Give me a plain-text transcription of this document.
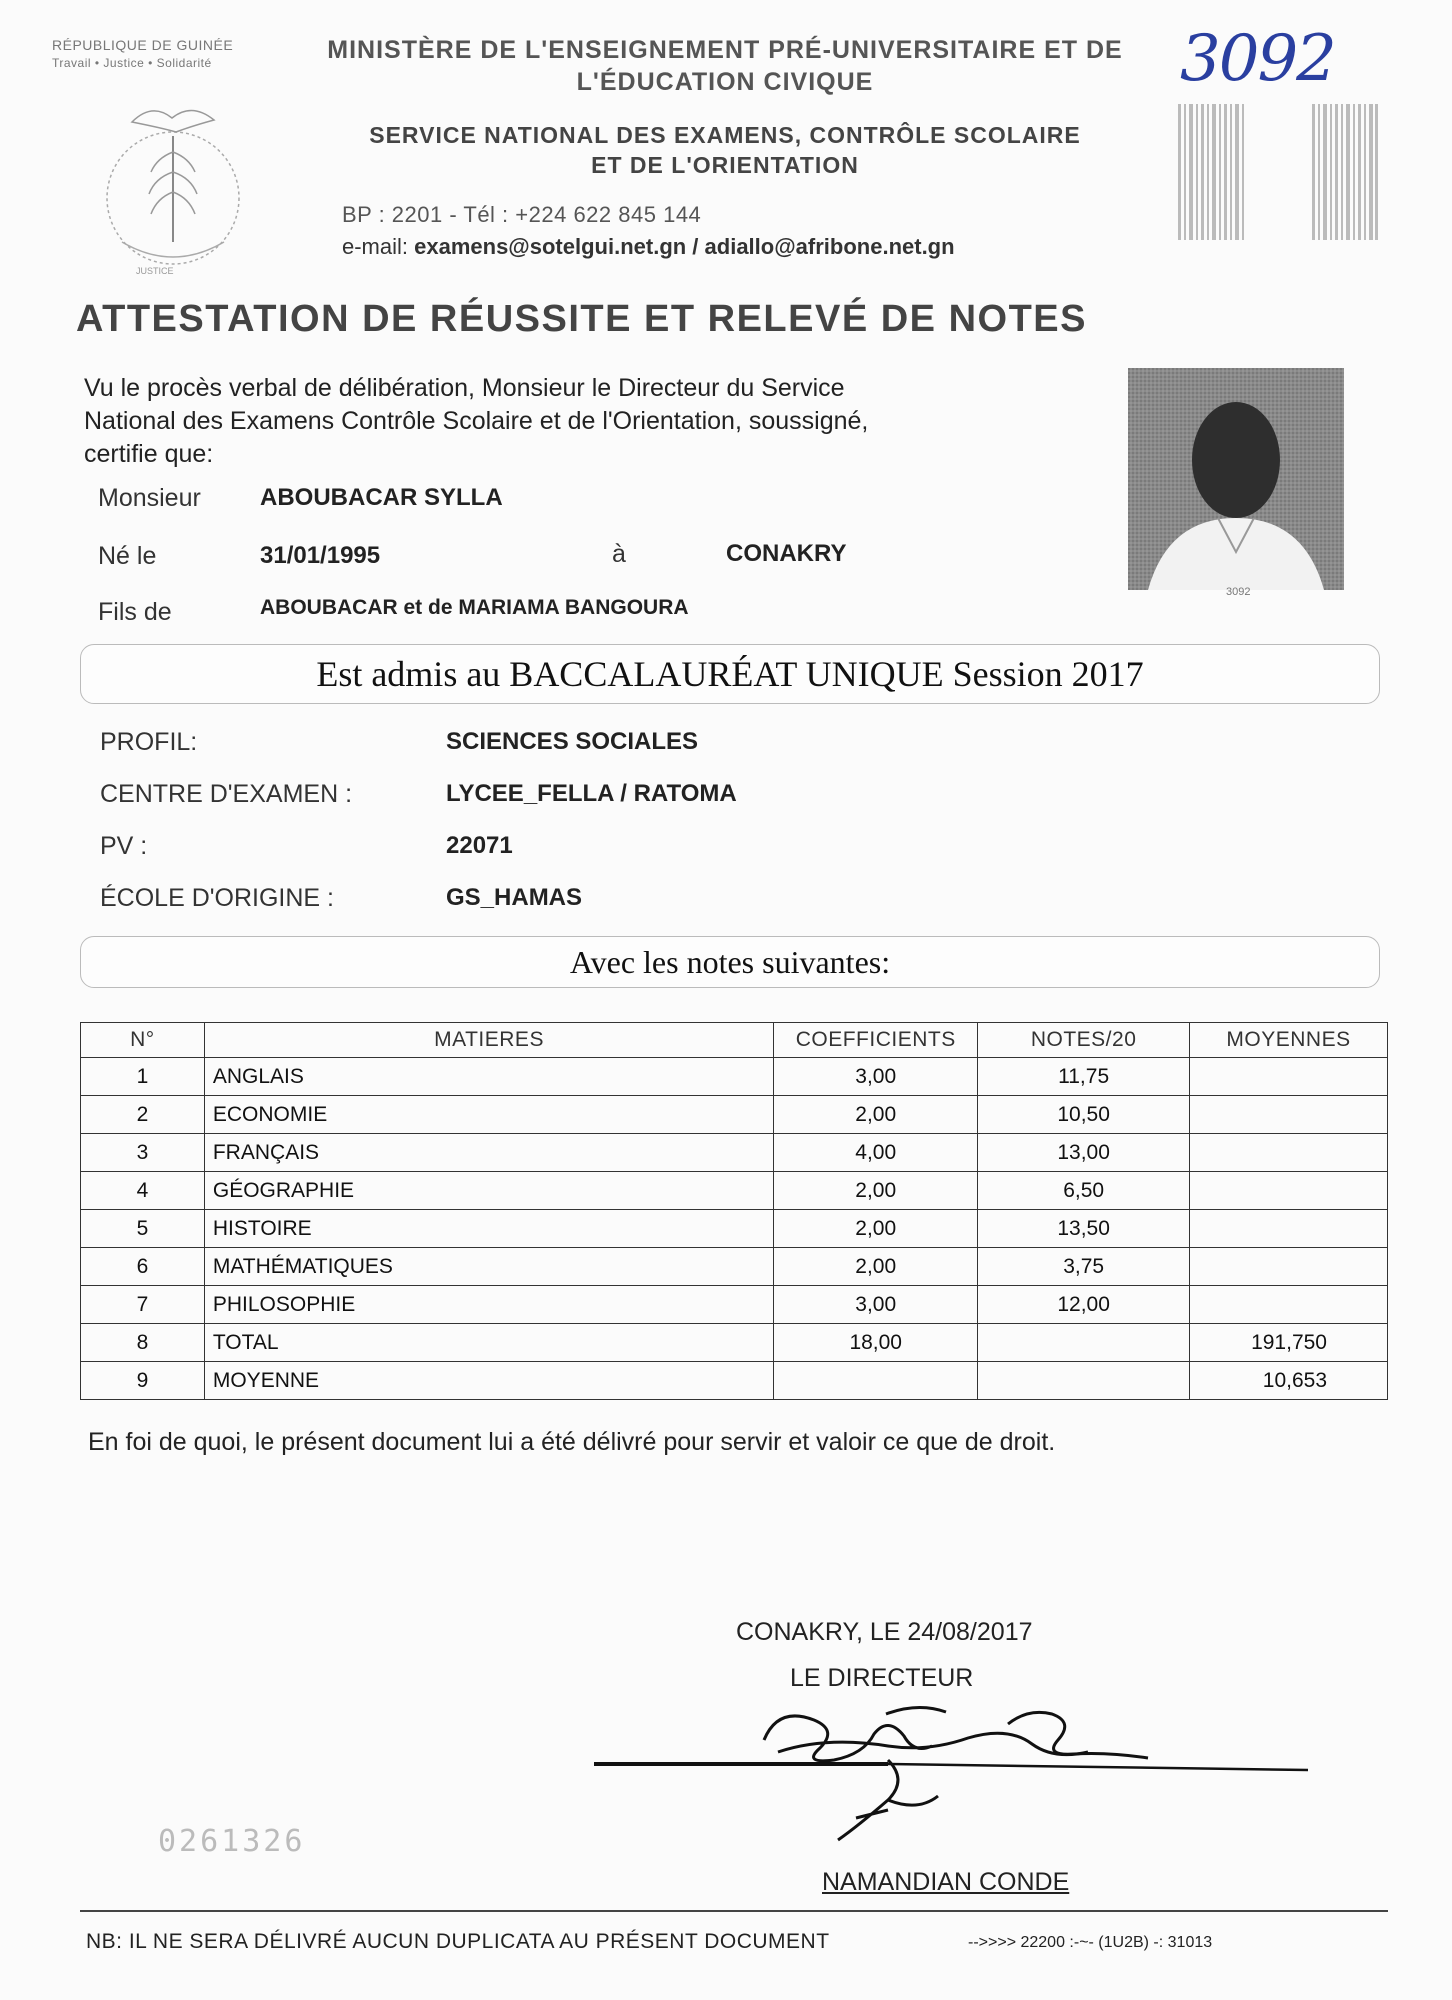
RÉPUBLIQUE DE GUINÉE
Travail • Justice • Solidarité
JUSTICE
MINISTÈRE DE L'ENSEIGNEMENT PRÉ-UNIVERSITAIRE ET DE
L'ÉDUCATION CIVIQUE
SERVICE NATIONAL DES EXAMENS, CONTRÔLE SCOLAIRE
ET DE L'ORIENTATION
BP : 2201 - Tél : +224 622 845 144
e-mail: examens@sotelgui.net.gn / adiallo@afribone.net.gn
3092
ATTESTATION DE RÉUSSITE ET RELEVÉ DE NOTES
Vu le procès verbal de délibération, Monsieur le Directeur du Service
National des Examens Contrôle Scolaire et de l'Orientation, soussigné,
certifie que:
3092
Monsieur ABOUBACAR SYLLA
Né le	31/01/1995	à	CONAKRY
Fils de	ABOUBACAR et de MARIAMA BANGOURA
Est admis au BACCALAURÉAT UNIQUE Session 2017
PROFIL:	SCIENCES SOCIALES
CENTRE D'EXAMEN :	LYCEE_FELLA / RATOMA
PV :	22071
ÉCOLE D'ORIGINE :	GS_HAMAS
Avec les notes suivantes:
N°	MATIERES	COEFFICIENTS	NOTES/20	MOYENNES
1	ANGLAIS	3,00	11,75	
2	ECONOMIE	2,00	10,50	
3	FRANÇAIS	4,00	13,00	
4	GÉOGRAPHIE	2,00	6,50	
5	HISTOIRE	2,00	13,50	
6	MATHÉMATIQUES	2,00	3,75	
7	PHILOSOPHIE	3,00	12,00	
8	TOTAL	18,00		191,750
9	MOYENNE			10,653
En foi de quoi, le présent document lui a été délivré pour servir et valoir ce que de droit.
CONAKRY, LE 24/08/2017
LE DIRECTEUR
NAMANDIAN CONDE
0261326
NB: IL NE SERA DÉLIVRÉ AUCUN DUPLICATA AU PRÉSENT DOCUMENT	-->>>> 22200 :-~- (1U2B) -: 31013
